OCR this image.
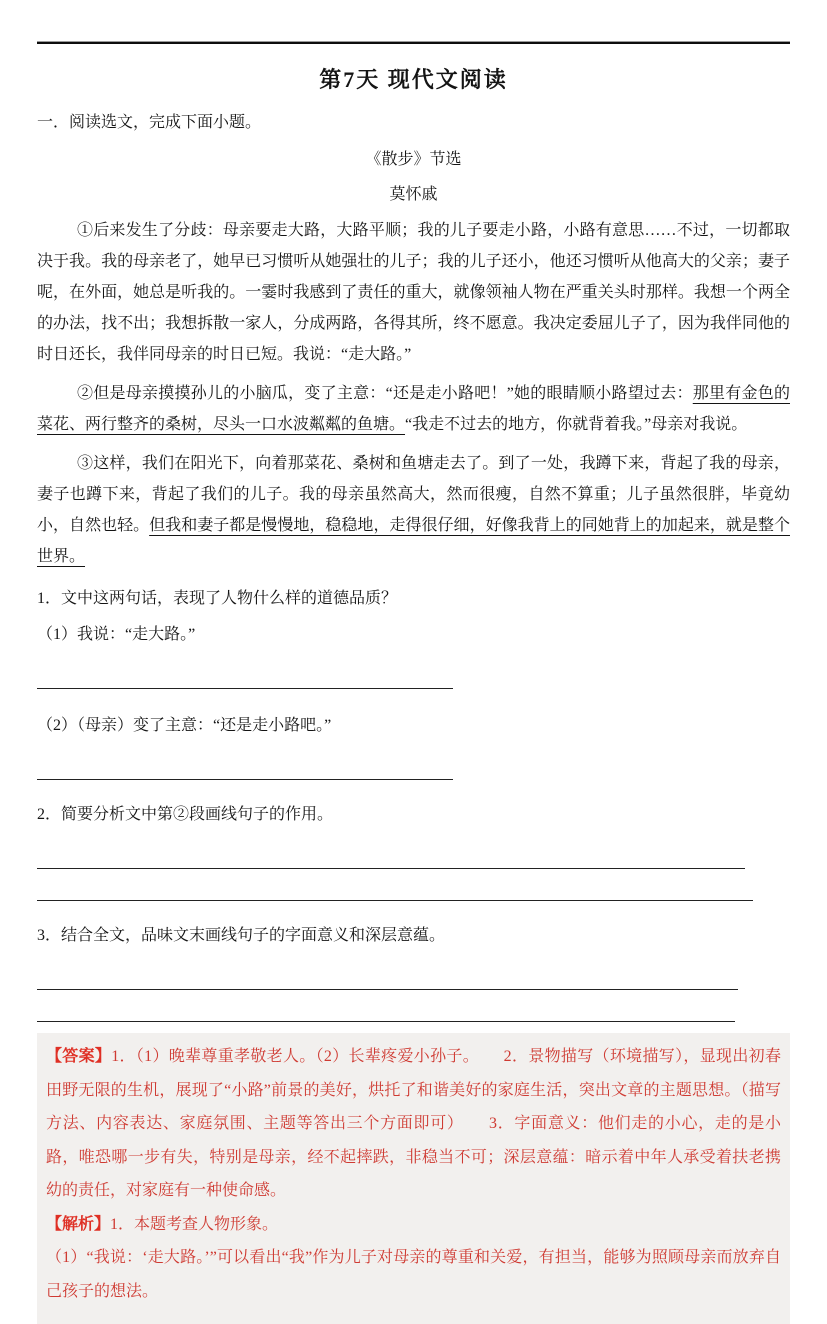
第7天 现代文阅读

一．阅读选文，完成下面小题。

《散步》节选

莫怀戚

①后来发生了分歧：母亲要走大路，大路平顺；我的儿子要走小路，小路有意思……不过，一切都取决于我。我的母亲老了，她早已习惯听从她强壮的儿子；我的儿子还小，他还习惯听从他高大的父亲；妻子呢，在外面，她总是听我的。一霎时我感到了责任的重大，就像领袖人物在严重关头时那样。我想一个两全的办法，找不出；我想拆散一家人，分成两路，各得其所，终不愿意。我决定委屈儿子了，因为我伴同他的时日还长，我伴同母亲的时日已短。我说：“走大路。”

②但是母亲摸摸孙儿的小脑瓜，变了主意：“还是走小路吧！”她的眼睛顺小路望过去：那里有金色的菜花、两行整齐的桑树，尽头一口水波粼粼的鱼塘。“我走不过去的地方，你就背着我。”母亲对我说。

③这样，我们在阳光下，向着那菜花、桑树和鱼塘走去了。到了一处，我蹲下来，背起了我的母亲，妻子也蹲下来，背起了我们的儿子。我的母亲虽然高大，然而很瘦，自然不算重；儿子虽然很胖，毕竟幼小，自然也轻。但我和妻子都是慢慢地，稳稳地，走得很仔细，好像我背上的同她背上的加起来，就是整个世界。

1．文中这两句话，表现了人物什么样的道德品质？

（1）我说：“走大路。”

（2）（母亲）变了主意：“还是走小路吧。”

2．简要分析文中第②段画线句子的作用。

3．结合全文，品味文末画线句子的字面意义和深层意蕴。

【答案】1．（1）晚辈尊重孝敬老人。（2）长辈疼爱小孙子。　　2．景物描写（环境描写），显现出初春田野无限的生机，展现了“小路”前景的美好，烘托了和谐美好的家庭生活，突出文章的主题思想。（描写方法、内容表达、家庭氛围、主题等答出三个方面即可）　　3．字面意义：他们走的小心，走的是小路，唯恐哪一步有失，特别是母亲，经不起摔跌，非稳当不可；深层意蕴：暗示着中年人承受着扶老携幼的责任，对家庭有一种使命感。

【解析】1．本题考查人物形象。

（1）“我说：‘走大路。’”可以看出“我”作为儿子对母亲的尊重和关爱，有担当，能够为照顾母亲而放弃自己孩子的想法。
